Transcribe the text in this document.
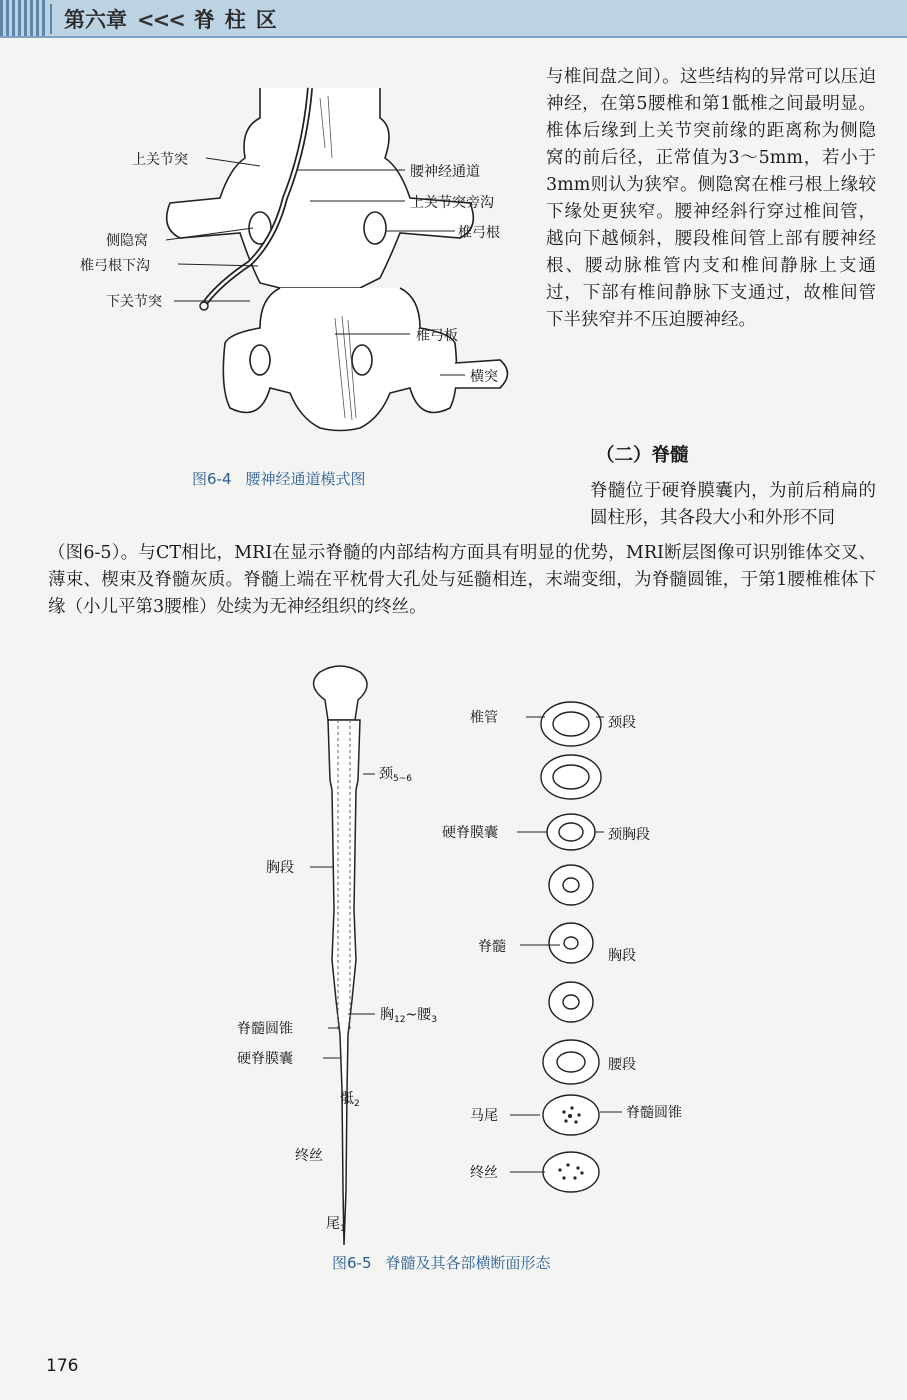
第六章 <<< 脊柱区
上关节突
腰神经通道
上关节突旁沟
侧隐窝	椎弓根
椎弓根下沟
下关节突
椎弓板
横突
图6-4 腰神经通道模式图

与椎间盘之间）。这些结构的异常可以压迫神经，在第5腰椎和第1骶椎之间最明显。椎体后缘到上关节突前缘的距离称为侧隐窝的前后径，正常值为3～5mm，若小于3mm则认为狭窄。侧隐窝在椎弓根上缘较下缘处更狭窄。腰神经斜行穿过椎间管，越向下越倾斜，腰段椎间管上部有腰神经根、腰动脉椎管内支和椎间静脉上支通过，下部有椎间静脉下支通过，故椎间管下半狭窄并不压迫腰神经。

（二）脊髓

脊髓位于硬脊膜囊内，为前后稍扁的圆柱形，其各段大小和外形不同

（图6-5）。与CT相比，MRI在显示脊髓的内部结构方面具有明显的优势，MRI断层图像可识别锥体交叉、薄束、楔束及脊髓灰质。脊髓上端在平枕骨大孔处与延髓相连，末端变细，为脊髓圆锥，于第1腰椎椎体下缘（小儿平第3腰椎）处续为无神经组织的终丝。

颈$_{5\sim 6}$
胸段
胸$_{12}$~腰$_3$
脊髓圆锥
硬脊膜囊
骶$_2$
终丝
尾$_1$
椎管	颈段
硬脊膜囊	颈胸段
脊髓
胸段
腰段
马尾	脊髓圆锥
终丝
图6-5 脊髓及其各部横断面形态
176
